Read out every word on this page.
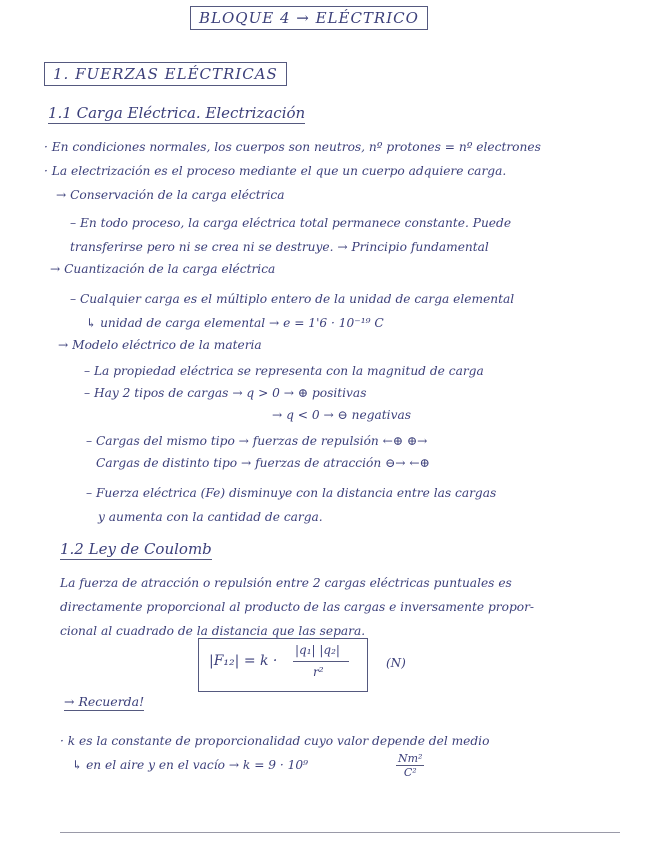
BLOQUE 4 → ELÉCTRICO
1. FUERZAS ELÉCTRICAS
1.1 Carga Eléctrica. Electrización
· En condiciones normales, los cuerpos son neutros, nº protones = nº electrones
· La electrización es el proceso mediante el que un cuerpo adquiere carga.
→ Conservación de la carga eléctrica
– En todo proceso, la carga eléctrica total permanece constante. Puede
transferirse pero ni se crea ni se destruye. → Principio fundamental
→ Cuantización de la carga eléctrica
– Cualquier carga es el múltiplo entero de la unidad de carga elemental
↳ unidad de carga elemental → e = 1'6 · 10⁻¹⁹ C
→ Modelo eléctrico de la materia
– La propiedad eléctrica se representa con la magnitud de carga
– Hay 2 tipos de cargas → q > 0 → ⊕ positivas
→ q < 0 → ⊖ negativas
– Cargas del mismo tipo → fuerzas de repulsión ←⊕ ⊕→
Cargas de distinto tipo → fuerzas de atracción ⊖→ ←⊕
– Fuerza eléctrica (Fe) disminuye con la distancia entre las cargas
y aumenta con la cantidad de carga.
1.2 Ley de Coulomb
La fuerza de atracción o repulsión entre 2 cargas eléctricas puntuales es
directamente proporcional al producto de las cargas e inversamente propor-
cional al cuadrado de la distancia que las separa.
|F₁₂| = k ·
|q₁| |q₂|
r²
(N)
→ Recuerda!
· k es la constante de proporcionalidad cuyo valor depende del medio
↳ en el aire y en el vacío → k = 9 · 10⁹	$\frac{\text{Nm²}}{\text{C²}}$
